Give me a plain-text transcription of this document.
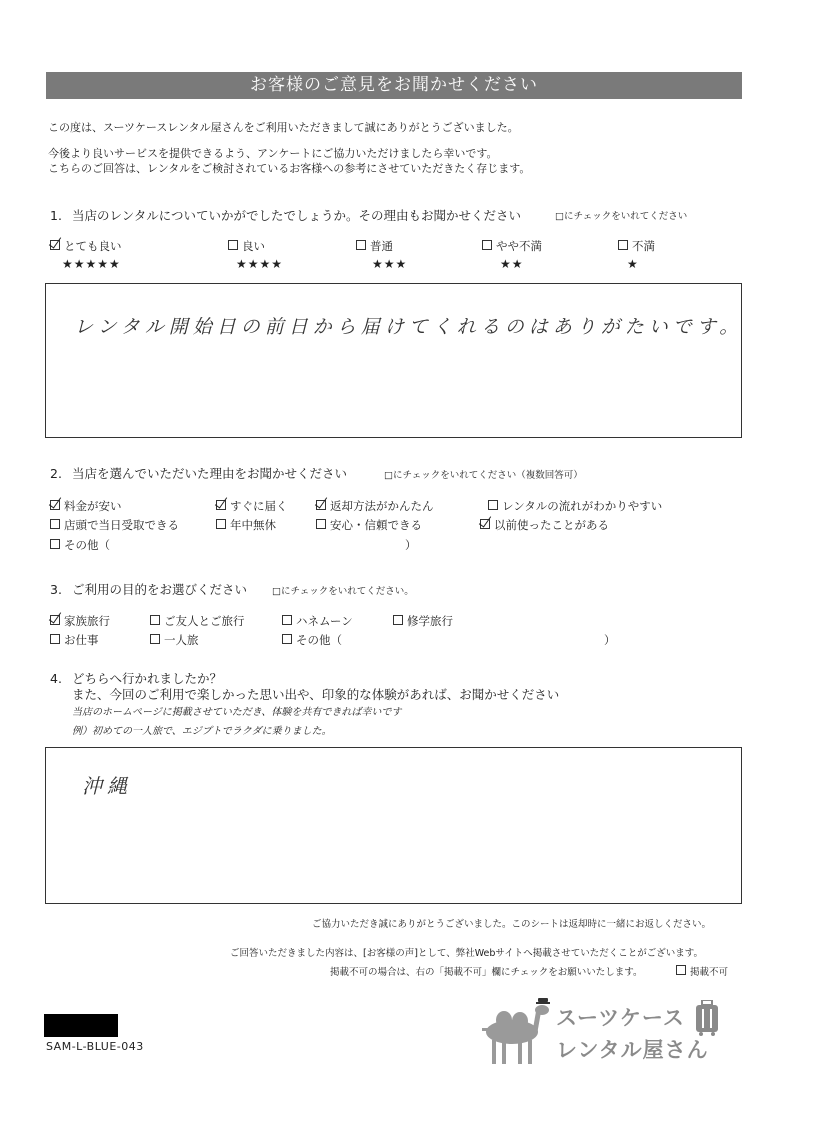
お客様のご意見をお聞かせください
この度は、スーツケースレンタル屋さんをご利用いただきまして誠にありがとうございました。
今後より良いサービスを提供できるよう、アンケートにご協力いただけましたら幸いです。
こちらのご回答は、レンタルをご検討されているお客様への参考にさせていただきたく存じます。
1. 当店のレンタルについていかがでしたでしょうか。その理由もお聞かせください	□にチェックをいれてください
とても良い	良い	普通	やや不満	不満
★★★★★	★★★★	★★★	★★	★
レンタル開始日の前日から届けてくれるのはありがたいです。
2. 当店を選んでいただいた理由をお聞かせください	□にチェックをいれてください（複数回答可）
料金が安い	すぐに届く	返却方法がかんたん	レンタルの流れがわかりやすい
店頭で当日受取できる	年中無休	安心・信頼できる	以前使ったことがある
その他（	）
3. ご利用の目的をお選びください	□にチェックをいれてください。
家族旅行	ご友人とご旅行	ハネムーン	修学旅行
お仕事	一人旅	その他（	）
4. どちらへ行かれましたか？
また、今回のご利用で楽しかった思い出や、印象的な体験があれば、お聞かせください
当店のホームページに掲載させていただき、体験を共有できれば幸いです
例）初めての一人旅で、エジプトでラクダに乗りました。
沖縄
ご協力いただき誠にありがとうございました。このシートは返却時に一緒にお返しください。
ご回答いただきました内容は、[お客様の声]として、弊社Webサイトへ掲載させていただくことがございます。
掲載不可の場合は、右の「掲載不可」欄にチェックをお願いいたします。	掲載不可
SAM-L-BLUE-043
スーツケース
レンタル屋さん
